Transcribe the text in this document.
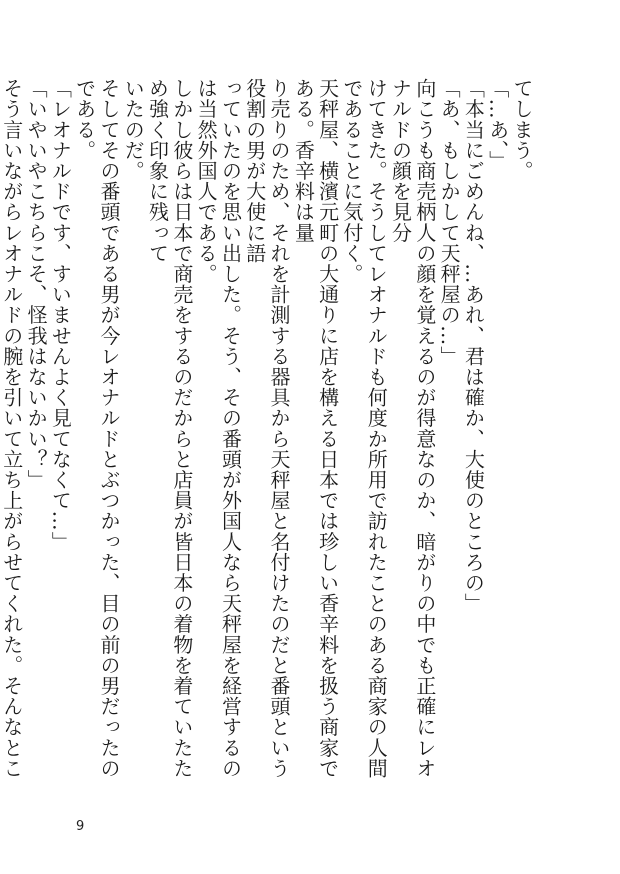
てしまう。
「…あ、」
「本当にごめんね、…あれ、君は確か、大使のところの」
「あ、もしかして天秤屋の…」
向こうも商売柄人の顔を覚えるのが得意なのか、暗がりの中でも正確にレオナルドの顔を見分
けてきた。そうしてレオナルドも何度か所用で訪れたことのある商家の人間であることに気付く。
天秤屋、横濱元町の大通りに店を構える日本では珍しい香辛料を扱う商家である。香辛料は量
り売りのため、それを計測する器具から天秤屋と名付けたのだと番頭という役割の男が大使に語
っていたのを思い出した。そう、その番頭が外国人なら天秤屋を経営するのは当然外国人である。
しかし彼らは日本で商売をするのだからと店員が皆日本の着物を着ていたため強く印象に残って
いたのだ。
そしてその番頭である男が今レオナルドとぶつかった、目の前の男だったのである。
「レオナルドです、すいませんよく見てなくて…」
「いやいやこちらこそ、怪我はないかい？」
そう言いながらレオナルドの腕を引いて立ち上がらせてくれた。そんなとこ
9
